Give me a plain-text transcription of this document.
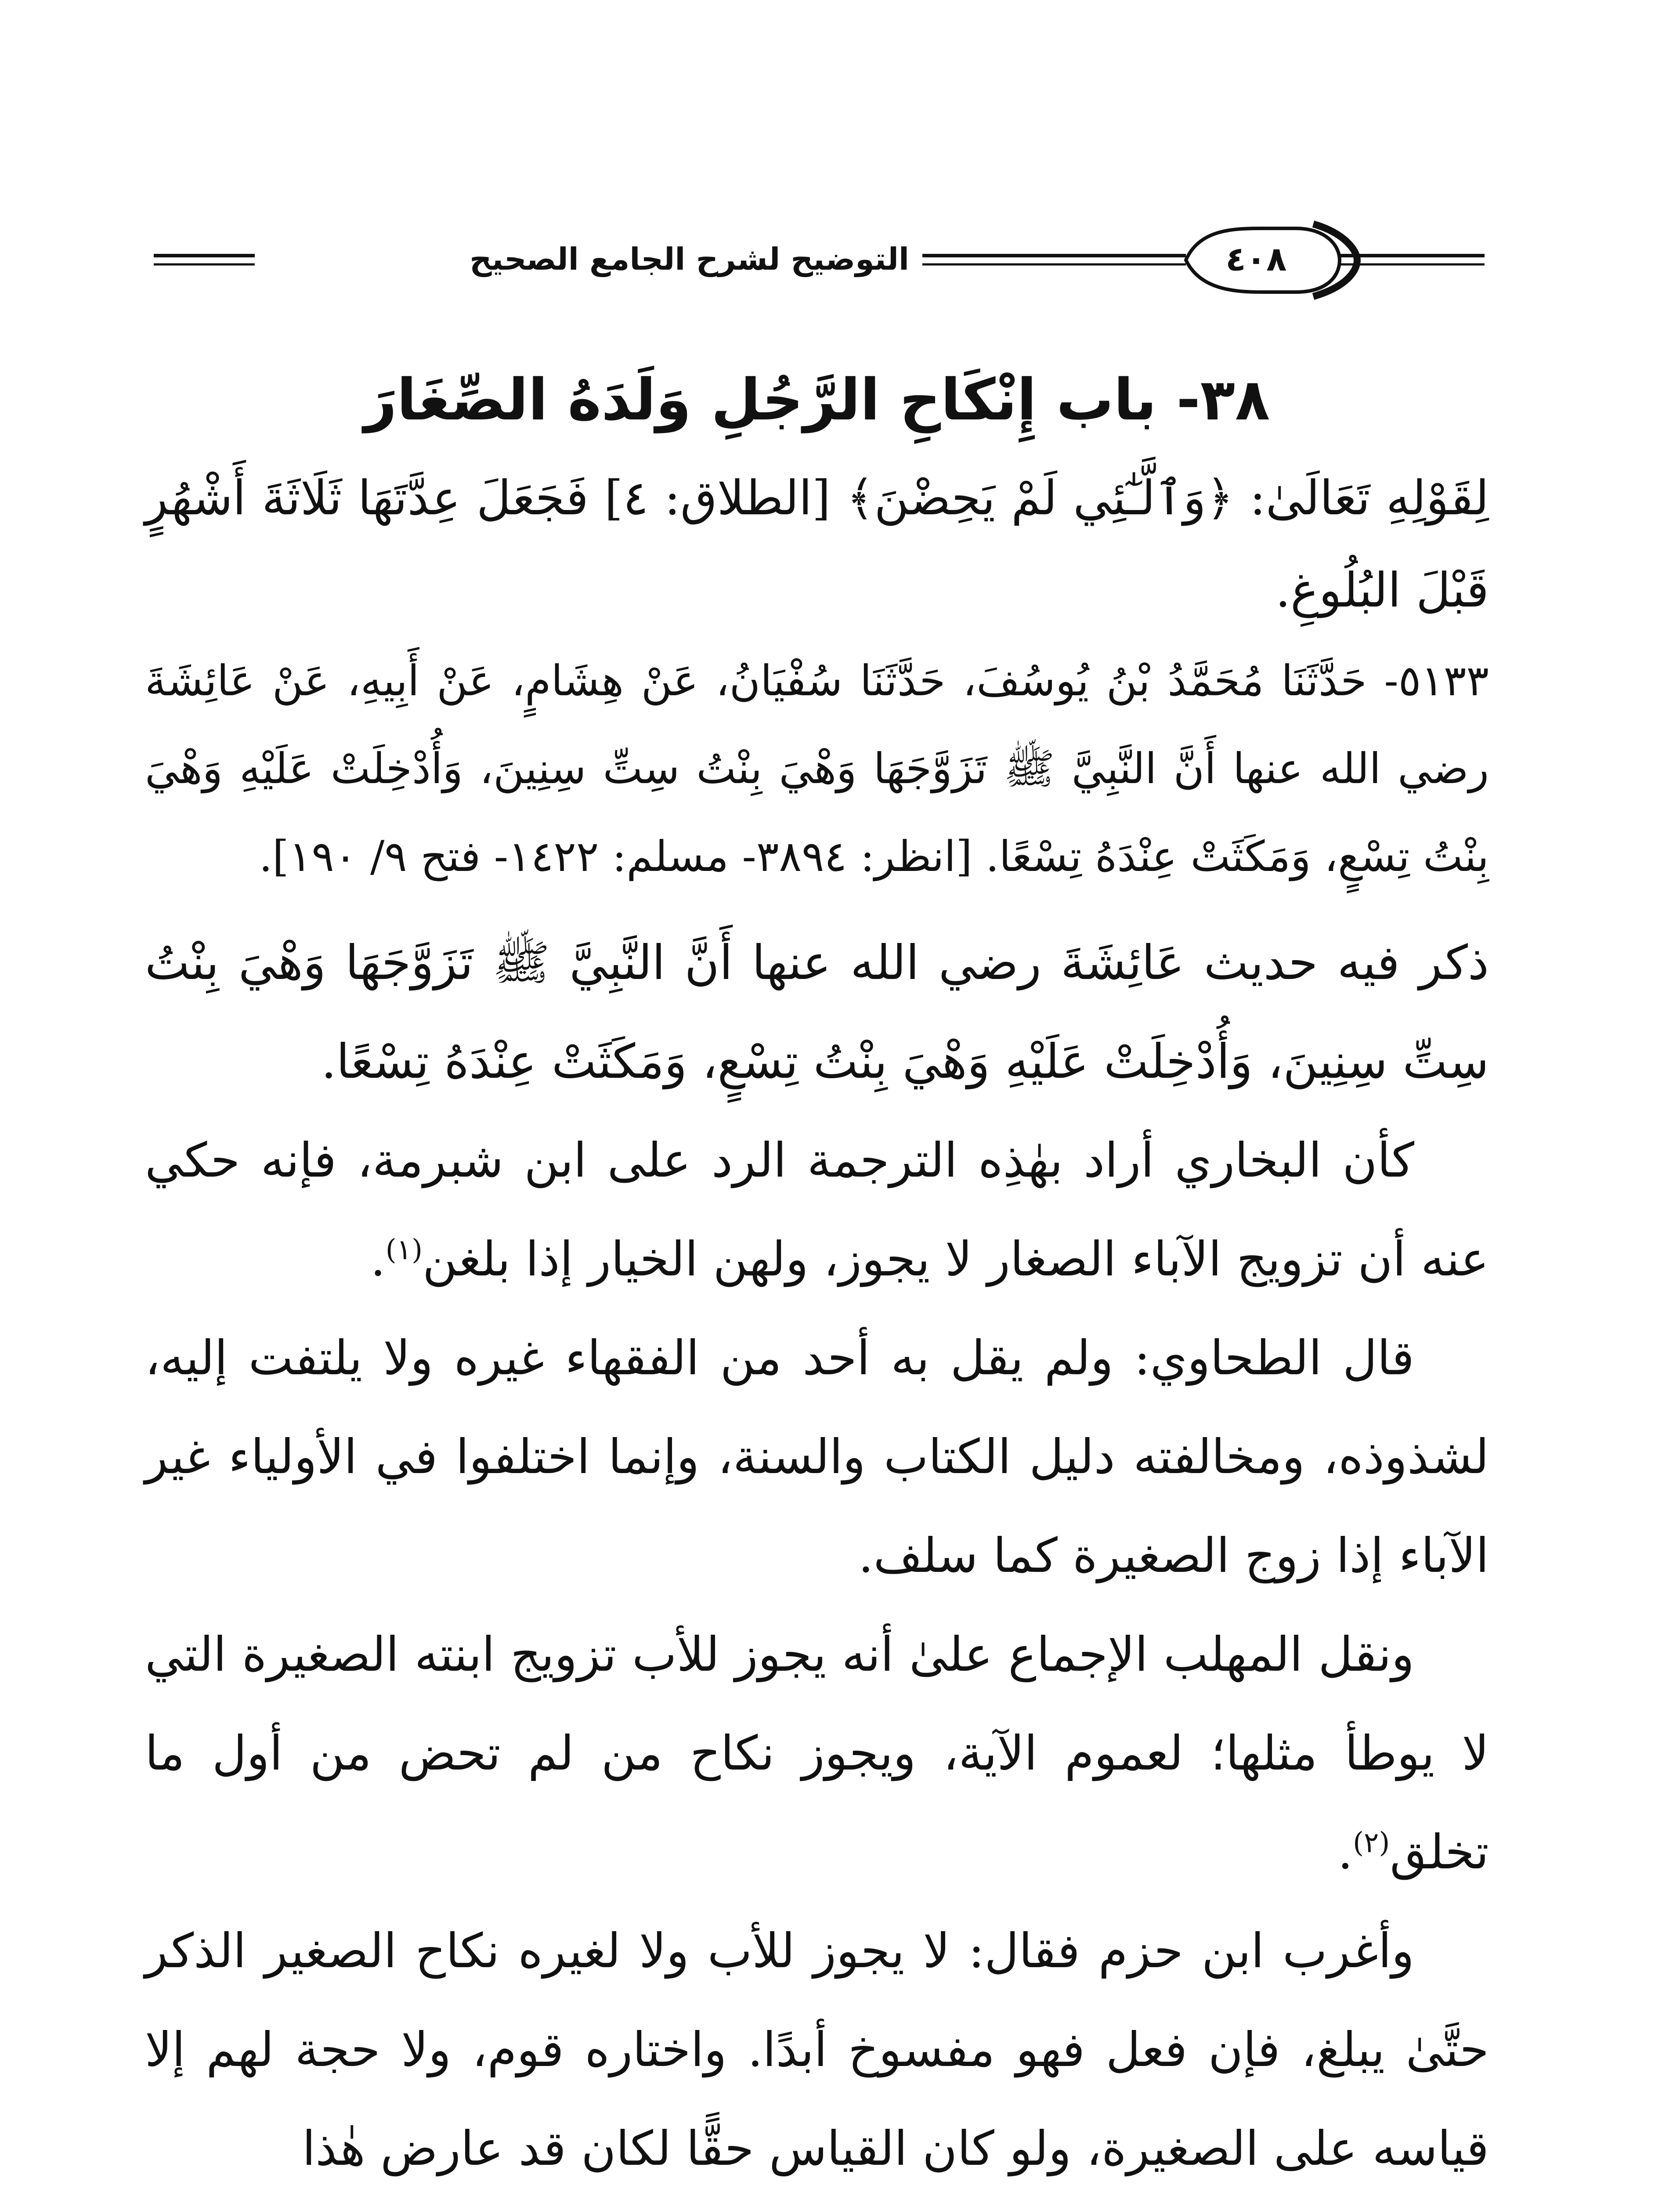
التوضيح لشرح الجامع الصحيح	٤٠٨
٣٨- باب إِنْكَاحِ الرَّجُلِ وَلَدَهُ الصِّغَارَ

لِقَوْلِهِ تَعَالَىٰ: ﴿وَٱلَّـٰٓئِي لَمْ يَحِضْنَ﴾ [الطلاق: ٤] فَجَعَلَ عِدَّتَهَا ثَلَاثَةَ أَشْهُرٍ قَبْلَ البُلُوغِ.

٥١٣٣- حَدَّثَنَا مُحَمَّدُ بْنُ يُوسُفَ، حَدَّثَنَا سُفْيَانُ، عَنْ هِشَامٍ، عَنْ أَبِيهِ، عَنْ عَائِشَةَ رضي الله عنها أَنَّ النَّبِيَّ ﷺ تَزَوَّجَهَا وَهْيَ بِنْتُ سِتِّ سِنِينَ، وَأُدْخِلَتْ عَلَيْهِ وَهْيَ بِنْتُ تِسْعٍ، وَمَكَثَتْ عِنْدَهُ تِسْعًا. [انظر: ٣٨٩٤- مسلم: ١٤٢٢- فتح ٩/ ١٩٠].

ذكر فيه حديث عَائِشَةَ رضي الله عنها أَنَّ النَّبِيَّ ﷺ تَزَوَّجَهَا وَهْيَ بِنْتُ سِتِّ سِنِينَ، وَأُدْخِلَتْ عَلَيْهِ وَهْيَ بِنْتُ تِسْعٍ، وَمَكَثَتْ عِنْدَهُ تِسْعًا.

كأن البخاري أراد بهٰذِه الترجمة الرد على ابن شبرمة، فإنه حكي عنه أن تزويج الآباء الصغار لا يجوز، ولهن الخيار إذا بلغن$^{(١)}$.

قال الطحاوي: ولم يقل به أحد من الفقهاء غيره ولا يلتفت إليه، لشذوذه، ومخالفته دليل الكتاب والسنة، وإنما اختلفوا في الأولياء غير الآباء إذا زوج الصغيرة كما سلف.

ونقل المهلب الإجماع علىٰ أنه يجوز للأب تزويج ابنته الصغيرة التي لا يوطأ مثلها؛ لعموم الآية، ويجوز نكاح من لم تحض من أول ما تخلق$^{(٢)}$.

وأغرب ابن حزم فقال: لا يجوز للأب ولا لغيره نكاح الصغير الذكر حتَّىٰ يبلغ، فإن فعل فهو مفسوخ أبدًا. واختاره قوم، ولا حجة لهم إلا قياسه على الصغيرة، ولو كان القياس حقًّا لكان قد عارض هٰذا
